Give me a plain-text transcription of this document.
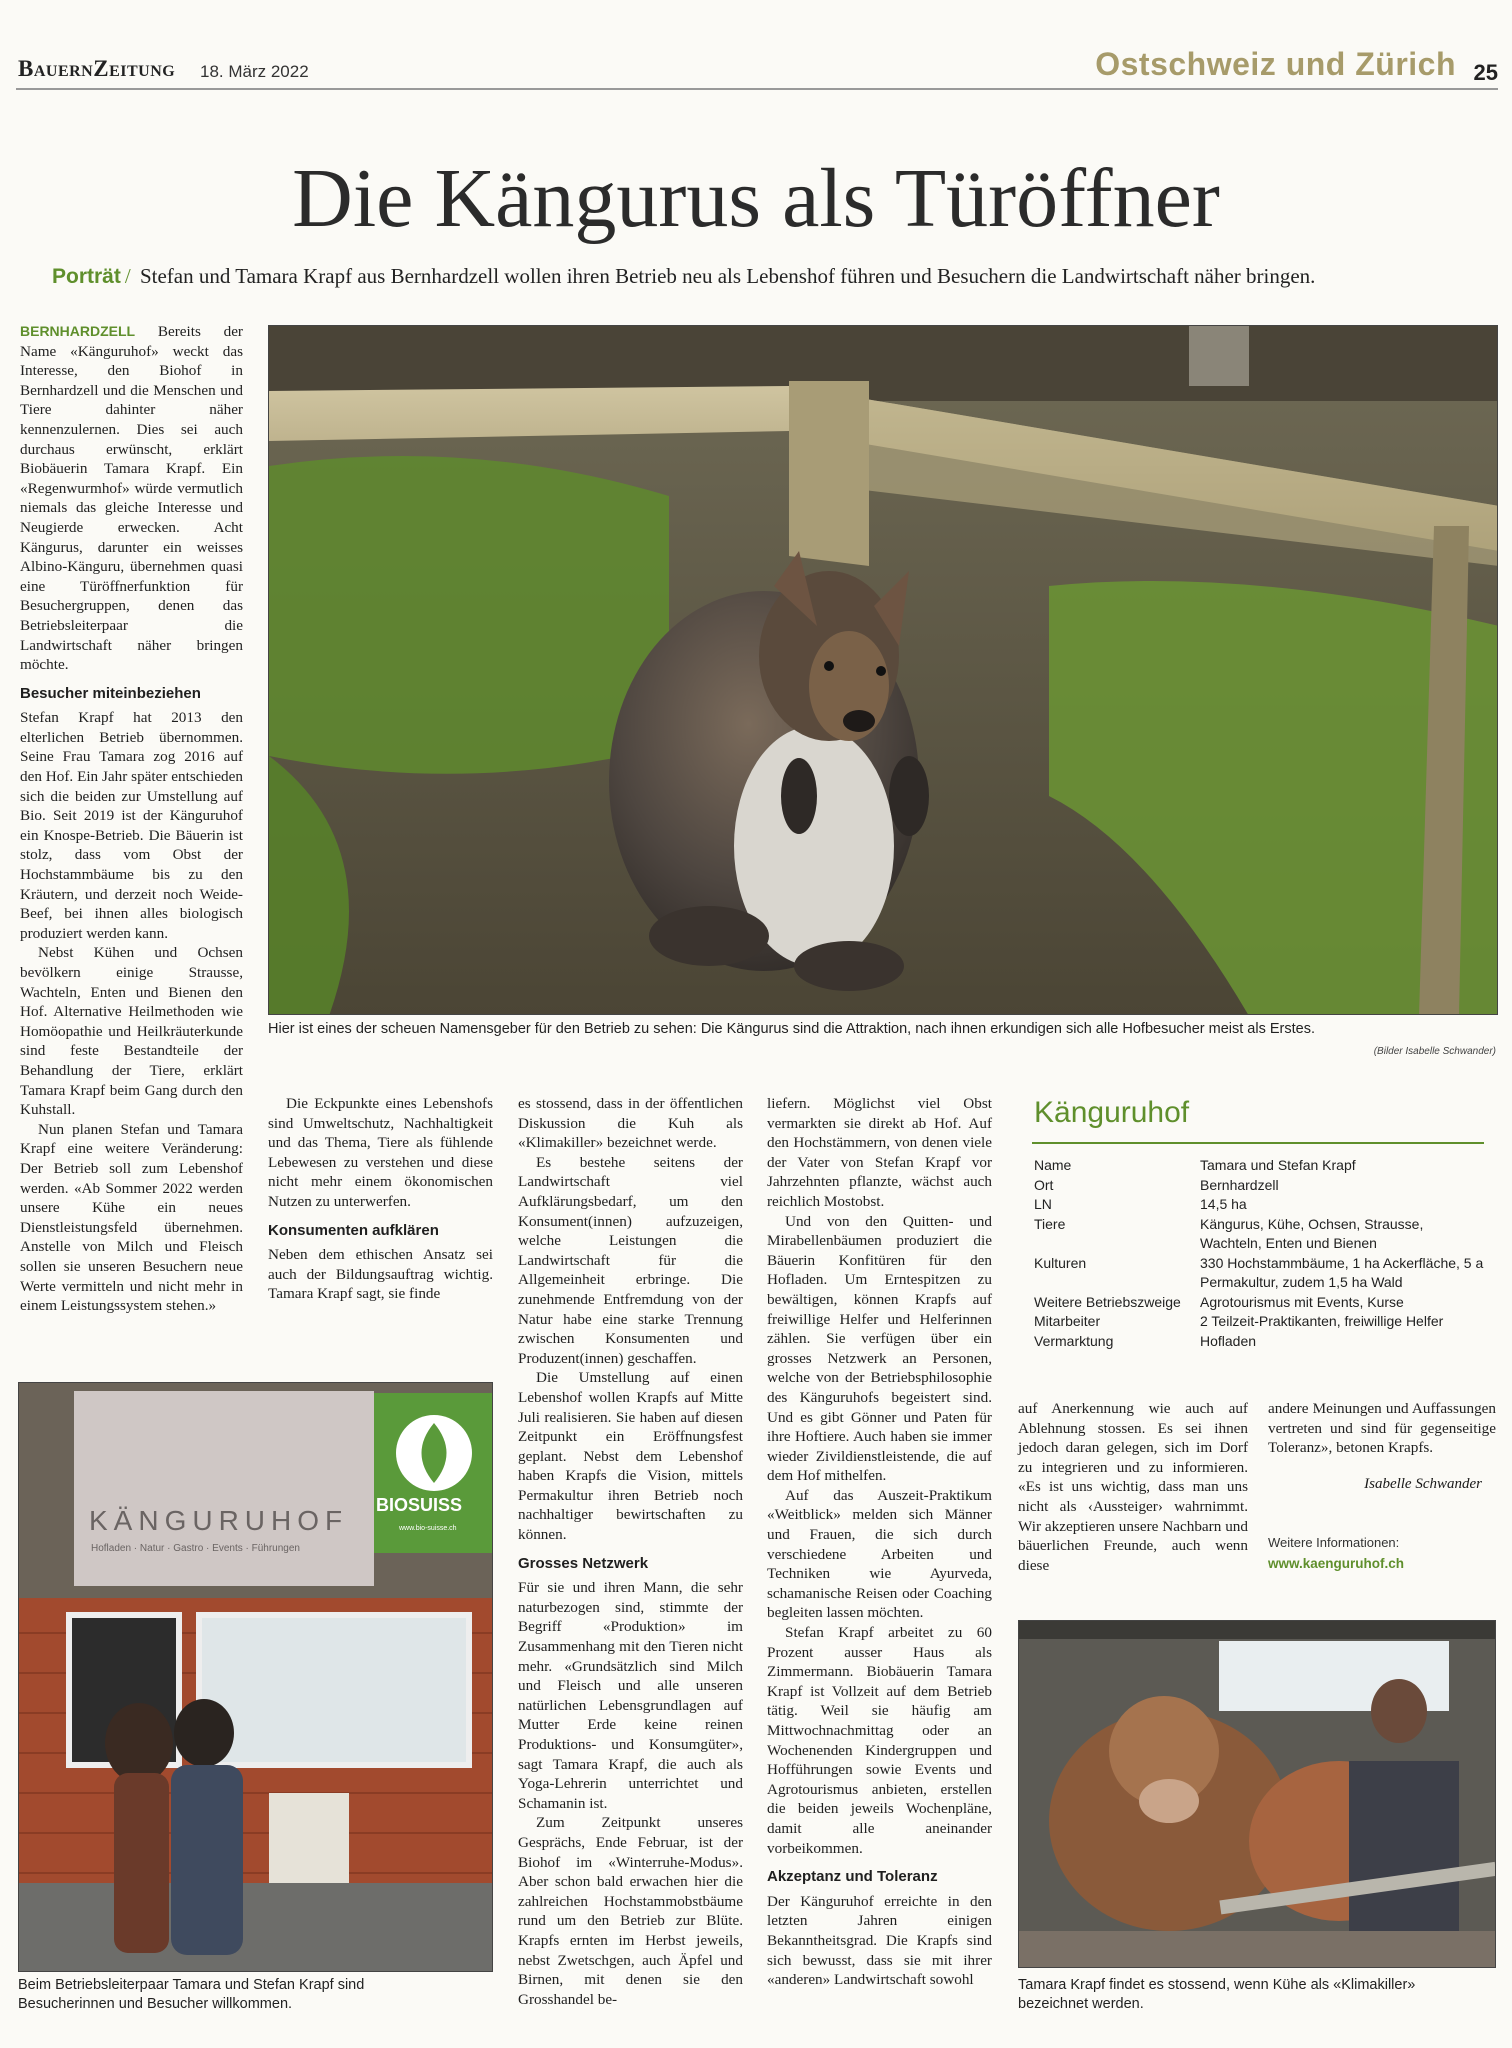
BauernZeitung 18. März 2022	Ostschweiz und Zürich 25
Die Kängurus als Türöffner
Porträt / Stefan und Tamara Krapf aus Bernhardzell wollen ihren Betrieb neu als Lebenshof führen und Besuchern die Landwirtschaft näher bringen.
Hier ist eines der scheuen Namensgeber für den Betrieb zu sehen: Die Kängurus sind die Attraktion, nach ihnen erkundigen sich alle Hofbesucher meist als Erstes.
(Bilder Isabelle Schwander)

BERNHARDZELL Bereits der Name «Känguruhof» weckt das Interesse, den Biohof in Bernhardzell und die Menschen und Tiere dahinter näher kennenzulernen. Dies sei auch durchaus erwünscht, erklärt Biobäuerin Tamara Krapf. Ein «Regenwurmhof» würde vermutlich niemals das gleiche Interesse und Neugierde erwecken. Acht Kängurus, darunter ein weisses Albino-Känguru, übernehmen quasi eine Türöffnerfunktion für Besuchergruppen, denen das Betriebsleiterpaar die Landwirtschaft näher bringen möchte.

Besucher miteinbeziehen

Stefan Krapf hat 2013 den elterlichen Betrieb übernommen. Seine Frau Tamara zog 2016 auf den Hof. Ein Jahr später entschieden sich die beiden zur Umstellung auf Bio. Seit 2019 ist der Känguruhof ein Knospe-Betrieb. Die Bäuerin ist stolz, dass vom Obst der Hochstammbäume bis zu den Kräutern, und derzeit noch Weide-Beef, bei ihnen alles biologisch produziert werden kann.

Nebst Kühen und Ochsen bevölkern einige Strausse, Wachteln, Enten und Bienen den Hof. Alternative Heilmethoden wie Homöopathie und Heilkräuterkunde sind feste Bestandteile der Behandlung der Tiere, erklärt Tamara Krapf beim Gang durch den Kuhstall.

Nun planen Stefan und Tamara Krapf eine weitere Veränderung: Der Betrieb soll zum Lebenshof werden. «Ab Sommer 2022 werden unsere Kühe ein neues Dienstleistungsfeld übernehmen. Anstelle von Milch und Fleisch sollen sie unseren Besuchern neue Werte vermitteln und nicht mehr in einem Leistungssystem stehen.»

Die Eckpunkte eines Lebenshofs sind Umweltschutz, Nachhaltigkeit und das Thema, Tiere als fühlende Lebewesen zu verstehen und diese nicht mehr einem ökonomischen Nutzen zu unterwerfen.

Konsumenten aufklären

Neben dem ethischen Ansatz sei auch der Bildungsauftrag wichtig. Tamara Krapf sagt, sie finde

es stossend, dass in der öffentlichen Diskussion die Kuh als «Klimakiller» bezeichnet werde.

Es bestehe seitens der Landwirtschaft viel Aufklärungsbedarf, um den Konsument(innen) aufzuzeigen, welche Leistungen die Landwirtschaft für die Allgemeinheit erbringe. Die zunehmende Entfremdung von der Natur habe eine starke Trennung zwischen Konsumenten und Produzent(innen) geschaffen.

Die Umstellung auf einen Lebenshof wollen Krapfs auf Mitte Juli realisieren. Sie haben auf diesen Zeitpunkt ein Eröffnungsfest geplant. Nebst dem Lebenshof haben Krapfs die Vision, mittels Permakultur ihren Betrieb noch nachhaltiger bewirtschaften zu können.

Grosses Netzwerk

Für sie und ihren Mann, die sehr naturbezogen sind, stimmte der Begriff «Produktion» im Zusammenhang mit den Tieren nicht mehr. «Grundsätzlich sind Milch und Fleisch und alle unseren natürlichen Lebensgrundlagen auf Mutter Erde keine reinen Produktions- und Konsumgüter», sagt Tamara Krapf, die auch als Yoga-Lehrerin unterrichtet und Schamanin ist.

Zum Zeitpunkt unseres Gesprächs, Ende Februar, ist der Biohof im «Winterruhe-Modus». Aber schon bald erwachen hier die zahlreichen Hochstammobstbäume rund um den Betrieb zur Blüte. Krapfs ernten im Herbst jeweils, nebst Zwetschgen, auch Äpfel und Birnen, mit denen sie den Grosshandel be-

liefern. Möglichst viel Obst vermarkten sie direkt ab Hof. Auf den Hochstämmern, von denen viele der Vater von Stefan Krapf vor Jahrzehnten pflanzte, wächst auch reichlich Mostobst.

Und von den Quitten- und Mirabellenbäumen produziert die Bäuerin Konfitüren für den Hofladen. Um Erntespitzen zu bewältigen, können Krapfs auf freiwillige Helfer und Helferinnen zählen. Sie verfügen über ein grosses Netzwerk an Personen, welche von der Betriebsphilosophie des Känguruhofs begeistert sind. Und es gibt Gönner und Paten für ihre Hoftiere. Auch haben sie immer wieder Zivildienstleistende, die auf dem Hof mithelfen.

Auf das Auszeit-Praktikum «Weitblick» melden sich Männer und Frauen, die sich durch verschiedene Arbeiten und Techniken wie Ayurveda, schamanische Reisen oder Coaching begleiten lassen möchten.

Stefan Krapf arbeitet zu 60 Prozent ausser Haus als Zimmermann. Biobäuerin Tamara Krapf ist Vollzeit auf dem Betrieb tätig. Weil sie häufig am Mittwochnachmittag oder an Wochenenden Kindergruppen und Hofführungen sowie Events und Agrotourismus anbieten, erstellen die beiden jeweils Wochenpläne, damit alle aneinander vorbeikommen.

Akzeptanz und Toleranz

Der Känguruhof erreichte in den letzten Jahren einigen Bekanntheitsgrad. Die Krapfs sind sich bewusst, dass sie mit ihrer «anderen» Landwirtschaft sowohl

Känguruhof
Name	Tamara und Stefan Krapf
Ort	Bernhardzell
LN	14,5 ha
Tiere	Kängurus, Kühe, Ochsen, Strausse, Wachteln, Enten und Bienen
Kulturen	330 Hochstammbäume, 1 ha Ackerfläche, 5 a Permakultur, zudem 1,5 ha Wald
Weitere Betriebszweige	Agrotourismus mit Events, Kurse
Mitarbeiter	2 Teilzeit-Praktikanten, freiwillige Helfer
Vermarktung	Hofladen

auf Anerkennung wie auch auf Ablehnung stossen. Es sei ihnen jedoch daran gelegen, sich im Dorf zu integrieren und zu informieren. «Es ist uns wichtig, dass man uns nicht als ‹Aussteiger› wahrnimmt. Wir akzeptieren unsere Nachbarn und bäuerlichen Freunde, auch wenn diese

andere Meinungen und Auffassungen vertreten und sind für gegenseitige Toleranz», betonen Krapfs.

Isabelle Schwander
Weitere Informationen:
www.kaenguruhof.ch
KÄNGURUHOF
Hofladen · Natur · Gastro · Events · Führungen
BIOSUISS
www.bio-suisse.ch
Beim Betriebsleiterpaar Tamara und Stefan Krapf sind Besucherinnen und Besucher willkommen.
Tamara Krapf findet es stossend, wenn Kühe als «Klimakiller» bezeichnet werden.
